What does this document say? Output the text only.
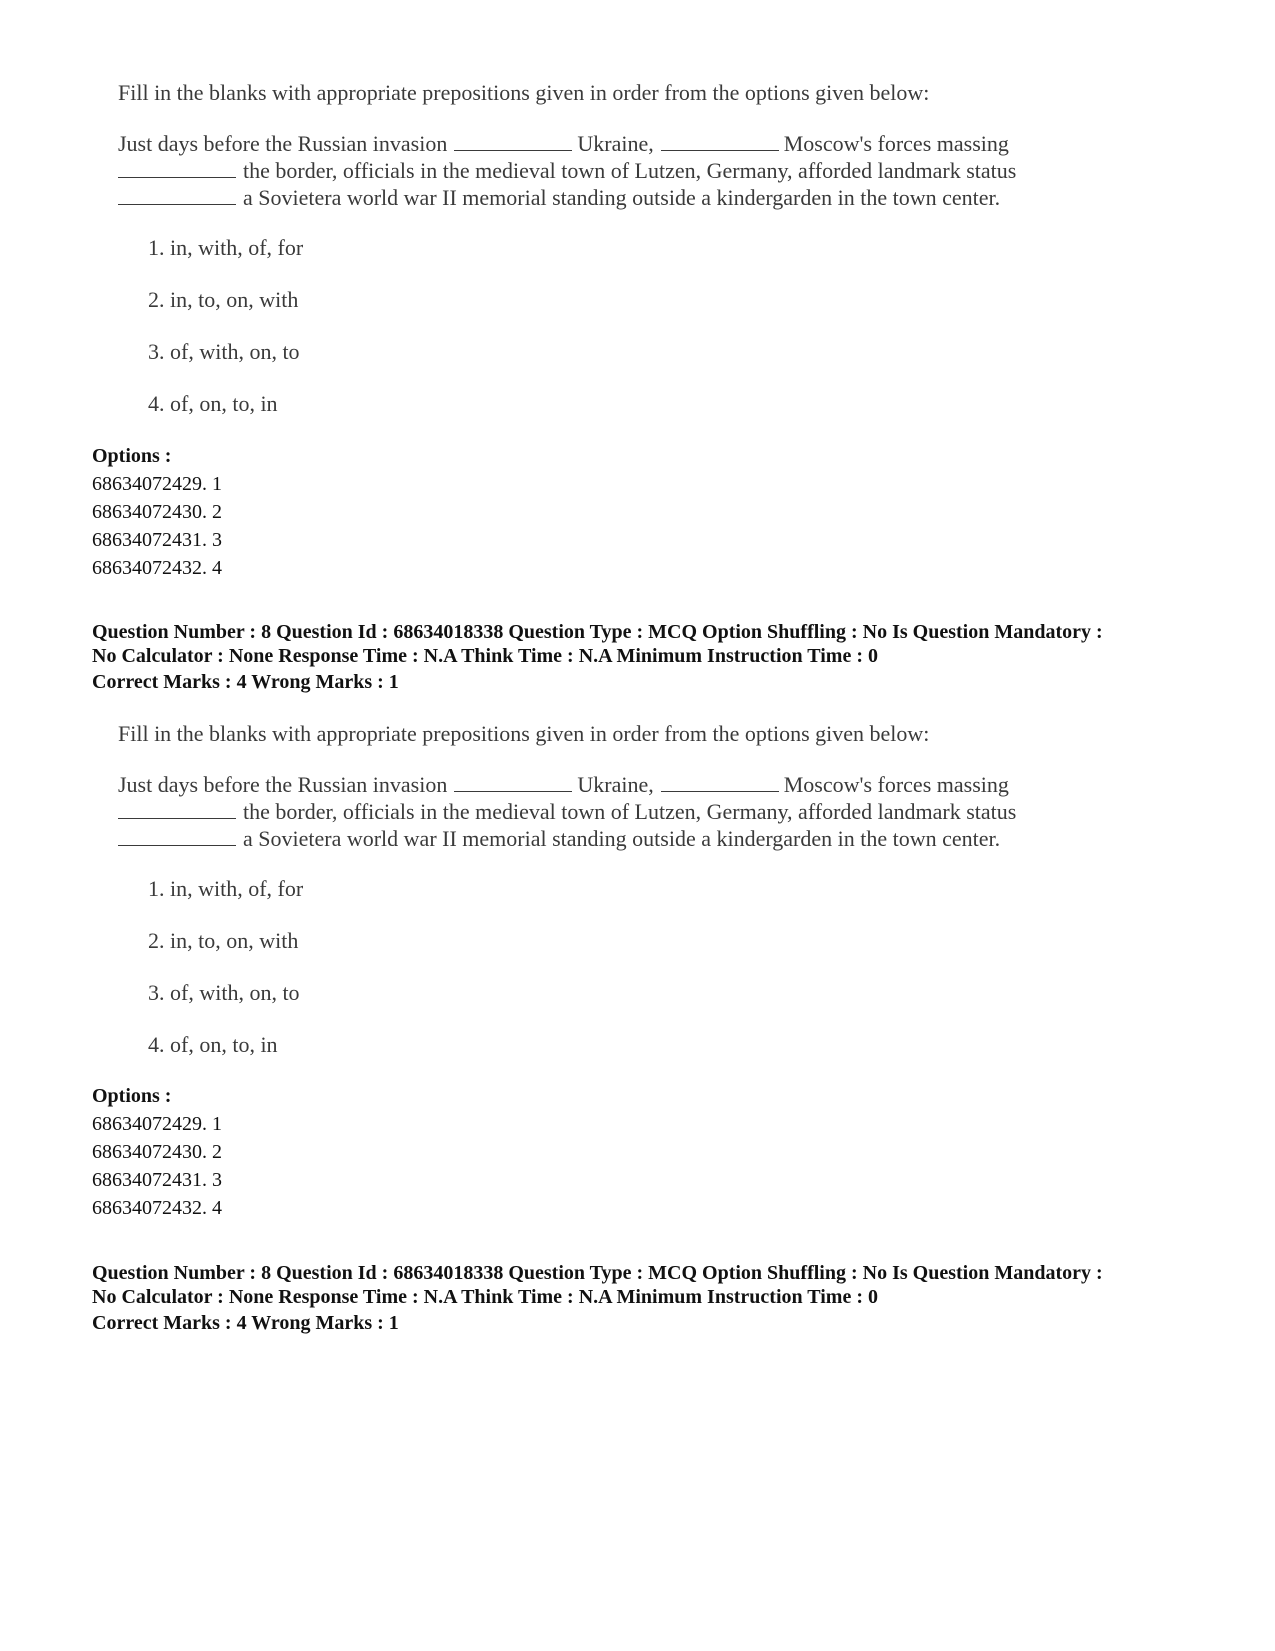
Fill in the blanks with appropriate prepositions given in order from the options given below:
Just days before the Russian invasion	Ukraine,	Moscow's forces massing
the border, officials in the medieval town of Lutzen, Germany, afforded landmark status
a Sovietera world war II memorial standing outside a kindergarden in the town center.
1. in, with, of, for
2. in, to, on, with
3. of, with, on, to
4. of, on, to, in
Options :
68634072429. 1
68634072430. 2
68634072431. 3
68634072432. 4
Question Number : 8 Question Id : 68634018338 Question Type : MCQ Option Shuffling : No Is Question Mandatory :
No Calculator : None Response Time : N.A Think Time : N.A Minimum Instruction Time : 0
Correct Marks : 4 Wrong Marks : 1
Fill in the blanks with appropriate prepositions given in order from the options given below:
Just days before the Russian invasion	Ukraine,	Moscow's forces massing
the border, officials in the medieval town of Lutzen, Germany, afforded landmark status
a Sovietera world war II memorial standing outside a kindergarden in the town center.
1. in, with, of, for
2. in, to, on, with
3. of, with, on, to
4. of, on, to, in
Options :
68634072429. 1
68634072430. 2
68634072431. 3
68634072432. 4
Question Number : 8 Question Id : 68634018338 Question Type : MCQ Option Shuffling : No Is Question Mandatory :
No Calculator : None Response Time : N.A Think Time : N.A Minimum Instruction Time : 0
Correct Marks : 4 Wrong Marks : 1
